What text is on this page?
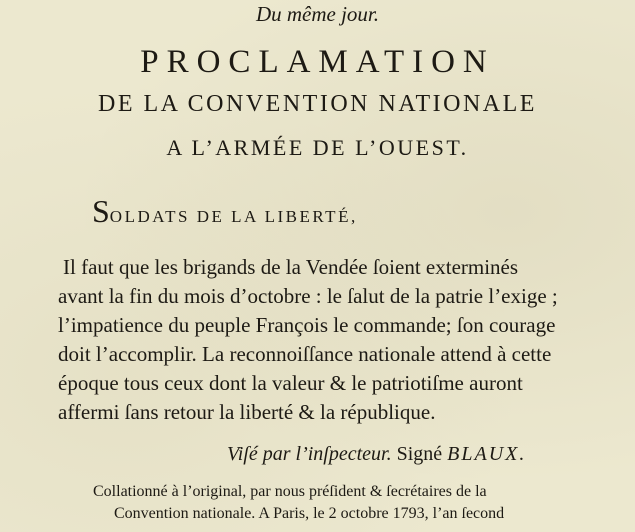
Du même jour.
PROCLAMATION
DE LA CONVENTION NATIONALE
A L’ARMÉE DE L’OUEST.
SOLDATS DE LA LIBERTÉ,
Il faut que les brigands de la Vendée ſoient exterminés
avant la fin du mois d’octobre : le ſalut de la patrie l’exige ;
l’impatience du peuple François le commande; ſon courage
doit l’accomplir. La reconnoiſſance nationale attend à cette
époque tous ceux dont la valeur & le patriotiſme auront
affermi ſans retour la liberté & la république.
Viſé par l’inſpecteur. Signé BLAUX.
Collationné à l’original, par nous préſident & ſecrétaires de la
Convention nationale. A Paris, le 2 octobre 1793, l’an ſecond
